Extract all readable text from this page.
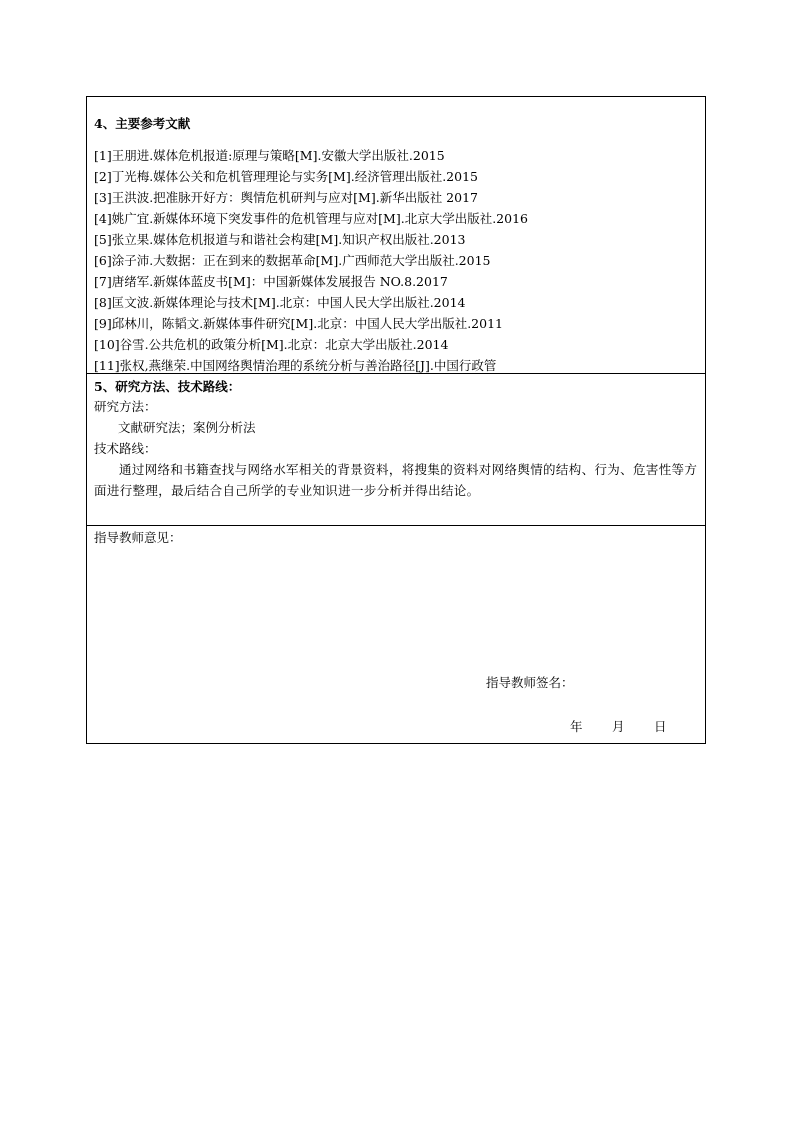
4、主要参考文献
[1]王朋进.媒体危机报道:原理与策略[M].安徽大学出版社.2015
[2]丁光梅.媒体公关和危机管理理论与实务[M].经济管理出版社.2015
[3]王洪波.把准脉开好方：舆情危机研判与应对[M].新华出版社 2017
[4]姚广宜.新媒体环境下突发事件的危机管理与应对[M].北京大学出版社.2016
[5]张立果.媒体危机报道与和谐社会构建[M].知识产权出版社.2013
[6]涂子沛.大数据：正在到来的数据革命[M].广西师范大学出版社.2015
[7]唐绪军.新媒体蓝皮书[M]：中国新媒体发展报告 NO.8.2017
[8]匡文波.新媒体理论与技术[M].北京：中国人民大学出版社.2014
[9]邱林川，陈韬文.新媒体事件研究[M].北京：中国人民大学出版社.2011
[10]谷雪.公共危机的政策分析[M].北京：北京大学出版社.2014
[11]张权,燕继荣.中国网络舆情治理的系统分析与善治路径[J].中国行政管
5、研究方法、技术路线：
研究方法：
文献研究法；案例分析法
技术路线：
通过网络和书籍查找与网络水军相关的背景资料，将搜集的资料对网络舆情的结构、行为、危害性等方面进行整理，最后结合自己所学的专业知识进一步分析并得出结论。
指导教师意见：
指导教师签名：
年 月 日
